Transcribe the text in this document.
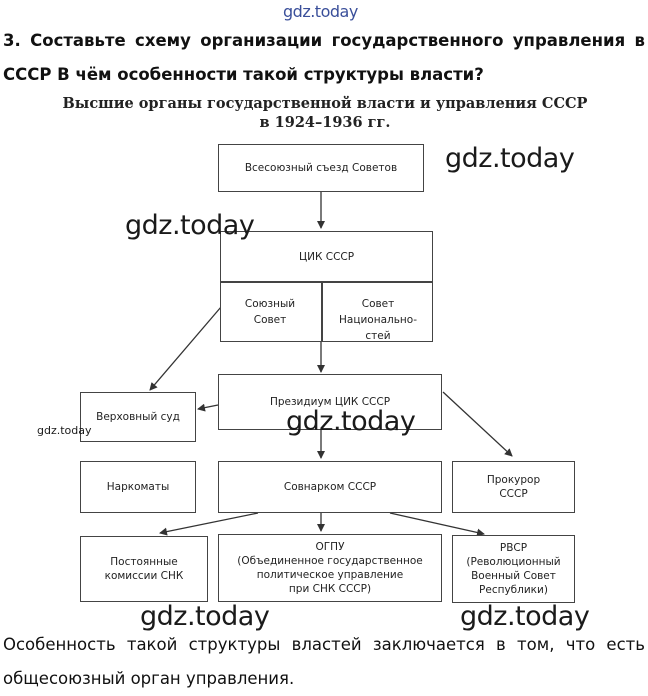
gdz.today
3. Составьте схему организации государственного управления в
СССР В чём особенности такой структуры власти?
Высшие органы государственной власти и управления СССР
в 1924–1936 гг.
Всесоюзный съезд Советов
ЦИК СССР
Союзный
Совет
Совет
Национально-
стей
Президиум ЦИК СССР
Верховный суд
Наркоматы	Совнарком СССР
Прокурор
СССР
Постоянные
комиссии СНК
ОГПУ
(Объединенное государственное
политическое управление
при СНК СССР)
РВСР
(Революционный
Военный Совет
Республики)
gdz.today
gdz.today
gdz.today	gdz.today
gdz.today	gdz.today
Особенность такой структуры властей заключается в том, что есть
общесоюзный орган управления.
